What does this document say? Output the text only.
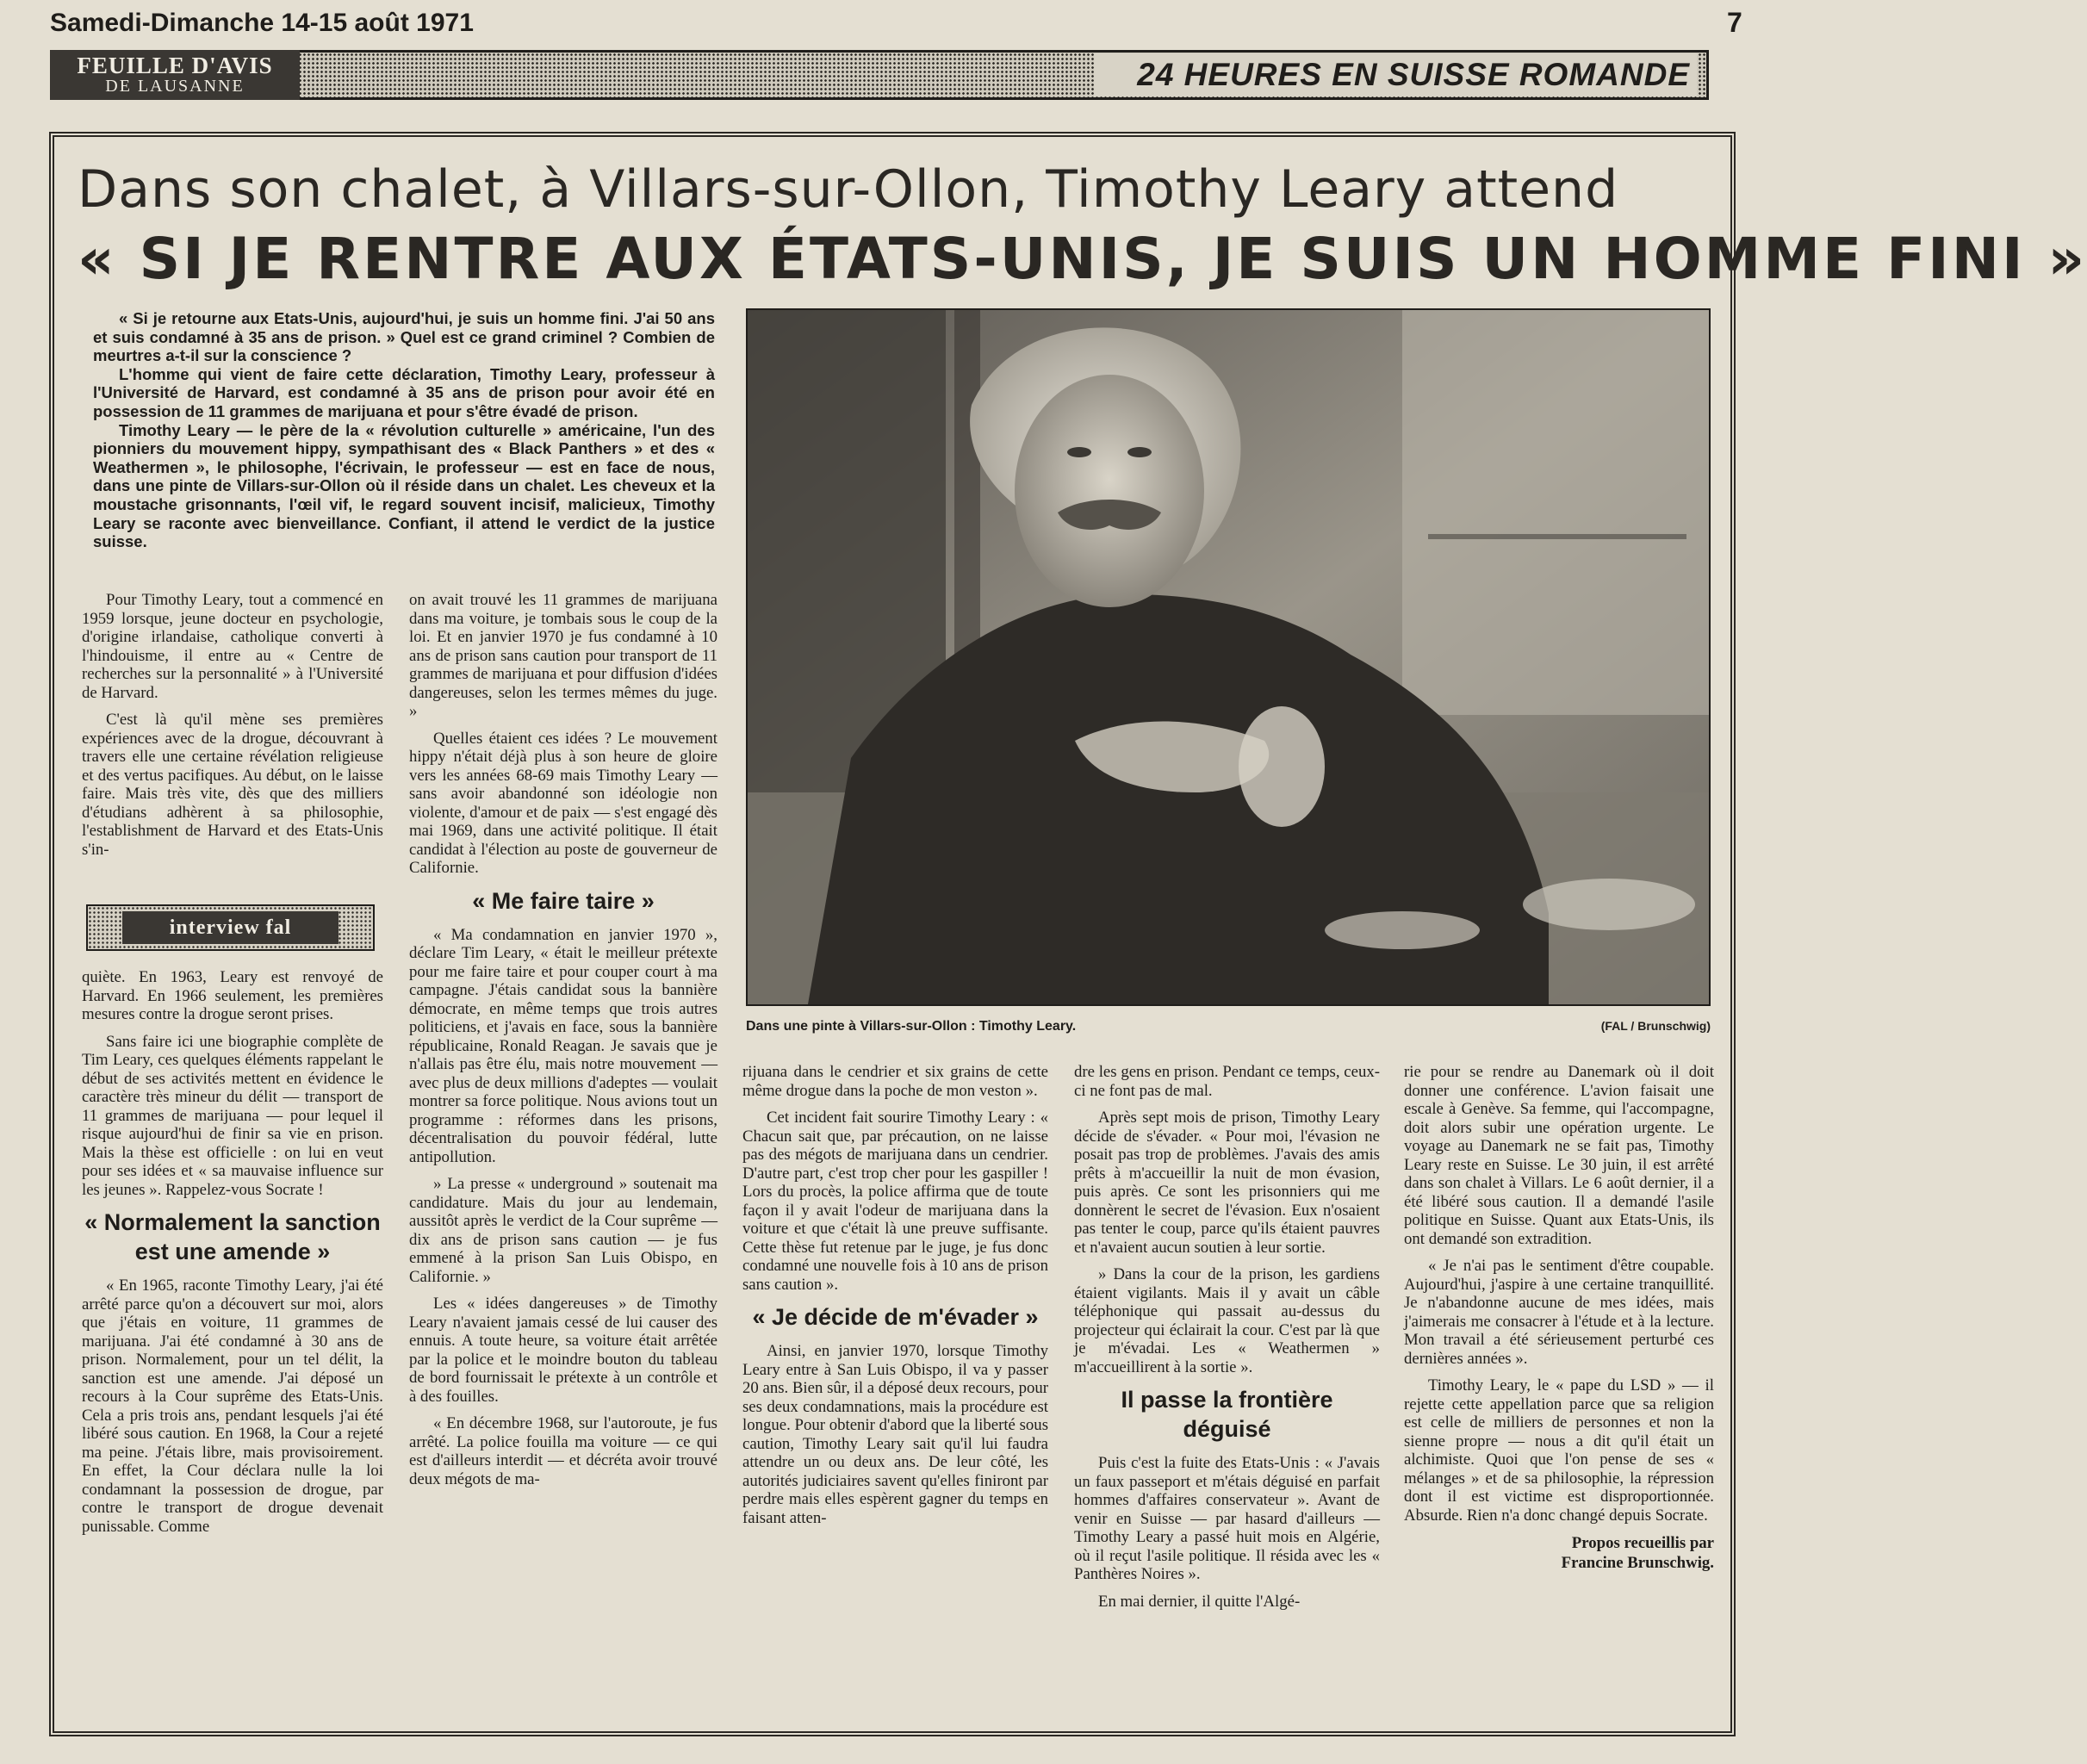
Samedi-Dimanche 14-15 août 1971	7
FEUILLE D'AVIS
DE LAUSANNE	24 HEURES EN SUISSE ROMANDE
Dans son chalet, à Villars-sur-Ollon, Timothy Leary attend
« SI JE RENTRE AUX ÉTATS-UNIS, JE SUIS UN HOMME FINI »

« Si je retourne aux Etats-Unis, aujourd'hui, je suis un homme fini. J'ai 50 ans et suis condamné à 35 ans de prison. » Quel est ce grand criminel ? Combien de meurtres a-t-il sur la conscience ?

L'homme qui vient de faire cette déclaration, Timothy Leary, professeur à l'Université de Harvard, est condamné à 35 ans de prison pour avoir été en possession de 11 grammes de marijuana et pour s'être évadé de prison.

Timothy Leary — le père de la « révolution culturelle » américaine, l'un des pionniers du mouvement hippy, sympathisant des « Black Panthers » et des « Weathermen », le philosophe, l'écrivain, le professeur — est en face de nous, dans une pinte de Villars-sur-Ollon où il réside dans un chalet. Les cheveux et la moustache grisonnants, l'œil vif, le regard souvent incisif, malicieux, Timothy Leary se raconte avec bienveillance. Confiant, il attend le verdict de la justice suisse.

Pour Timothy Leary, tout a commencé en 1959 lorsque, jeune docteur en psychologie, d'origine irlandaise, catholique converti à l'hindouisme, il entre au « Centre de recherches sur la personnalité » à l'Université de Harvard.

C'est là qu'il mène ses premières expériences avec de la drogue, découvrant à travers elle une certaine révélation religieuse et des vertus pacifiques. Au début, on le laisse faire. Mais très vite, dès que des milliers d'étudians adhèrent à sa philosophie, l'establishment de Harvard et des Etats-Unis s'in-

interview fal

quiète. En 1963, Leary est renvoyé de Harvard. En 1966 seulement, les premières mesures contre la drogue seront prises.

Sans faire ici une biographie complète de Tim Leary, ces quelques éléments rappelant le début de ses activités mettent en évidence le caractère très mineur du délit — transport de 11 grammes de marijuana — pour lequel il risque aujourd'hui de finir sa vie en prison. Mais la thèse est officielle : on lui en veut pour ses idées et « sa mauvaise influence sur les jeunes ». Rappelez-vous Socrate !

« Normalement la sanction est une amende »

« En 1965, raconte Timothy Leary, j'ai été arrêté parce qu'on a découvert sur moi, alors que j'étais en voiture, 11 grammes de marijuana. J'ai été condamné à 30 ans de prison. Normalement, pour un tel délit, la sanction est une amende. J'ai déposé un recours à la Cour suprême des Etats-Unis. Cela a pris trois ans, pendant lesquels j'ai été libéré sous caution. En 1968, la Cour a rejeté ma peine. J'étais libre, mais provisoirement. En effet, la Cour déclara nulle la loi condamnant la possession de drogue, par contre le transport de drogue devenait punissable. Comme

on avait trouvé les 11 grammes de marijuana dans ma voiture, je tombais sous le coup de la loi. Et en janvier 1970 je fus condamné à 10 ans de prison sans caution pour transport de 11 grammes de marijuana et pour diffusion d'idées dangereuses, selon les termes mêmes du juge. »

Quelles étaient ces idées ? Le mouvement hippy n'était déjà plus à son heure de gloire vers les années 68-69 mais Timothy Leary — sans avoir abandonné son idéologie non violente, d'amour et de paix — s'est engagé dès mai 1969, dans une activité politique. Il était candidat à l'élection au poste de gouverneur de Californie.

« Me faire taire »

« Ma condamnation en janvier 1970 », déclare Tim Leary, « était le meilleur prétexte pour me faire taire et pour couper court à ma campagne. J'étais candidat sous la bannière démocrate, en même temps que trois autres politiciens, et j'avais en face, sous la bannière républicaine, Ronald Reagan. Je savais que je n'allais pas être élu, mais notre mouvement — avec plus de deux millions d'adeptes — voulait montrer sa force politique. Nous avions tout un programme : réformes dans les prisons, décentralisation du pouvoir fédéral, lutte antipollution.

» La presse « underground » soutenait ma candidature. Mais du jour au lendemain, aussitôt après le verdict de la Cour suprême — dix ans de prison sans caution — je fus emmené à la prison San Luis Obispo, en Californie. »

Les « idées dangereuses » de Timothy Leary n'avaient jamais cessé de lui causer des ennuis. A toute heure, sa voiture était arrêtée par la police et le moindre bouton du tableau de bord fournissait le prétexte à un contrôle et à des fouilles.

« En décembre 1968, sur l'autoroute, je fus arrêté. La police fouilla ma voiture — ce qui est d'ailleurs interdit — et décréta avoir trouvé deux mégots de ma-

Dans une pinte à Villars-sur-Ollon : Timothy Leary.	(FAL / Brunschwig)

rijuana dans le cendrier et six grains de cette même drogue dans la poche de mon veston ».

Cet incident fait sourire Timothy Leary : « Chacun sait que, par précaution, on ne laisse pas des mégots de marijuana dans un cendrier. D'autre part, c'est trop cher pour les gaspiller ! Lors du procès, la police affirma que de toute façon il y avait l'odeur de marijuana dans la voiture et que c'était là une preuve suffisante. Cette thèse fut retenue par le juge, je fus donc condamné une nouvelle fois à 10 ans de prison sans caution ».

« Je décide de m'évader »

Ainsi, en janvier 1970, lorsque Timothy Leary entre à San Luis Obispo, il va y passer 20 ans. Bien sûr, il a déposé deux recours, pour ses deux condamnations, mais la procédure est longue. Pour obtenir d'abord que la liberté sous caution, Timothy Leary sait qu'il lui faudra attendre un ou deux ans. De leur côté, les autorités judiciaires savent qu'elles finiront par perdre mais elles espèrent gagner du temps en faisant atten-

dre les gens en prison. Pendant ce temps, ceux-ci ne font pas de mal.

Après sept mois de prison, Timothy Leary décide de s'évader. « Pour moi, l'évasion ne posait pas trop de problèmes. J'avais des amis prêts à m'accueillir la nuit de mon évasion, puis après. Ce sont les prisonniers qui me donnèrent le secret de l'évasion. Eux n'osaient pas tenter le coup, parce qu'ils étaient pauvres et n'avaient aucun soutien à leur sortie.

» Dans la cour de la prison, les gardiens étaient vigilants. Mais il y avait un câble téléphonique qui passait au-dessus du projecteur qui éclairait la cour. C'est par là que je m'évadai. Les « Weathermen » m'accueillirent à la sortie ».

Il passe la frontière déguisé

Puis c'est la fuite des Etats-Unis : « J'avais un faux passeport et m'étais déguisé en parfait hommes d'affaires conservateur ». Avant de venir en Suisse — par hasard d'ailleurs — Timothy Leary a passé huit mois en Algérie, où il reçut l'asile politique. Il résida avec les « Panthères Noires ».

En mai dernier, il quitte l'Algé-

rie pour se rendre au Danemark où il doit donner une conférence. L'avion faisait une escale à Genève. Sa femme, qui l'accompagne, doit alors subir une opération urgente. Le voyage au Danemark ne se fait pas, Timothy Leary reste en Suisse. Le 30 juin, il est arrêté dans son chalet à Villars. Le 6 août dernier, il a été libéré sous caution. Il a demandé l'asile politique en Suisse. Quant aux Etats-Unis, ils ont demandé son extradition.

« Je n'ai pas le sentiment d'être coupable. Aujourd'hui, j'aspire à une certaine tranquillité. Je n'abandonne aucune de mes idées, mais j'aimerais me consacrer à l'étude et à la lecture. Mon travail a été sérieusement perturbé ces dernières années ».

Timothy Leary, le « pape du LSD » — il rejette cette appellation parce que sa religion est celle de milliers de personnes et non la sienne propre — nous a dit qu'il était un alchimiste. Quoi que l'on pense de ses « mélanges » et de sa philosophie, la répression dont il est victime est disproportionnée. Absurde. Rien n'a donc changé depuis Socrate.

Propos recueillis par
Francine Brunschwig.
